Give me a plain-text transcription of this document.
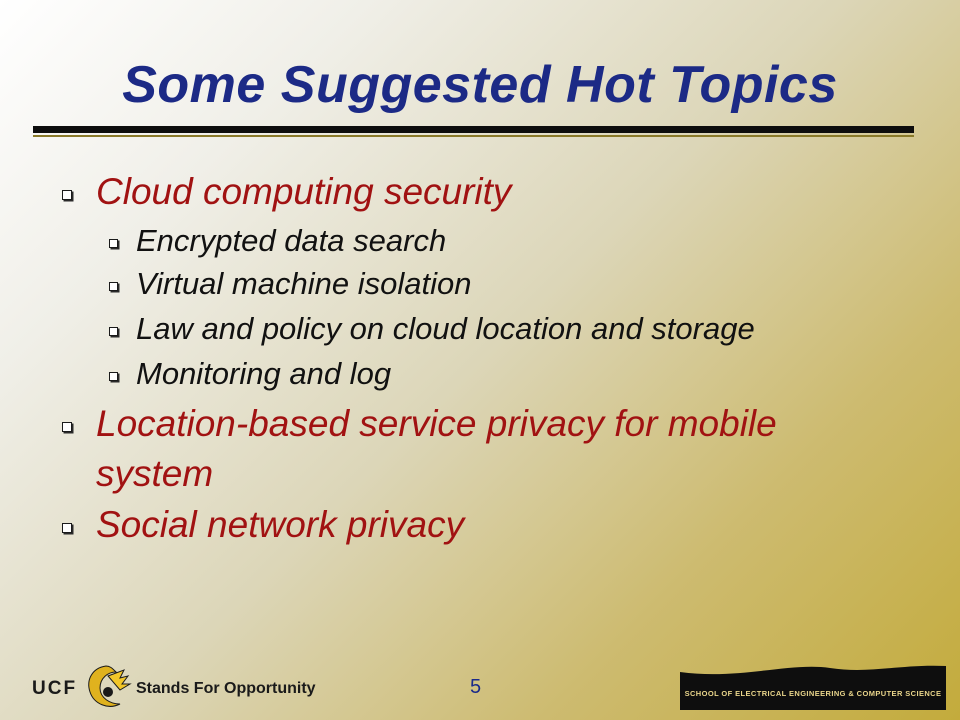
Some Suggested Hot Topics
Cloud computing security
Encrypted data search
Virtual machine isolation
Law and policy on cloud location and storage
Monitoring and log
Location-based service privacy for mobile
system
Social network privacy
UCF	Stands For Opportunity	5	SCHOOL OF ELECTRICAL ENGINEERING & COMPUTER SCIENCE
